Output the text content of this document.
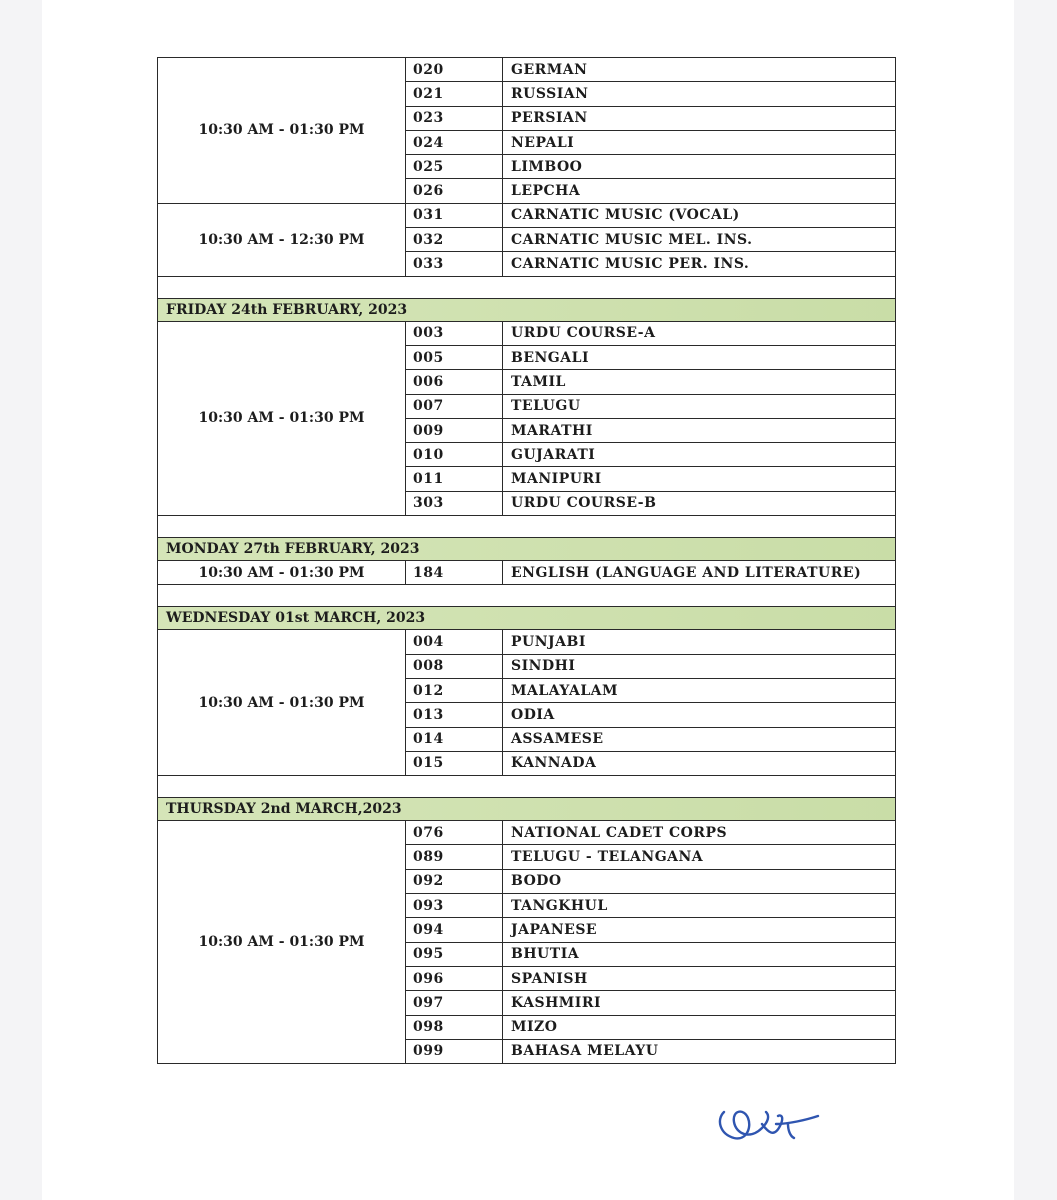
10:30 AM - 01:30 PM	020	GERMAN
	021	RUSSIAN
	023	PERSIAN
	024	NEPALI
	025	LIMBOO
	026	LEPCHA
10:30 AM - 12:30 PM	031	CARNATIC MUSIC (VOCAL)
	032	CARNATIC MUSIC MEL. INS.
	033	CARNATIC MUSIC PER. INS.

FRIDAY 24th FEBRUARY, 2023		
10:30 AM - 01:30 PM	003	URDU COURSE-A
	005	BENGALI
	006	TAMIL
	007	TELUGU
	009	MARATHI
	010	GUJARATI
	011	MANIPURI
	303	URDU COURSE-B

MONDAY 27th FEBRUARY, 2023		
10:30 AM - 01:30 PM	184	ENGLISH (LANGUAGE AND LITERATURE)

WEDNESDAY 01st MARCH, 2023		
10:30 AM - 01:30 PM	004	PUNJABI
	008	SINDHI
	012	MALAYALAM
	013	ODIA
	014	ASSAMESE
	015	KANNADA

THURSDAY 2nd MARCH,2023		
10:30 AM - 01:30 PM	076	NATIONAL CADET CORPS
	089	TELUGU - TELANGANA
	092	BODO
	093	TANGKHUL
	094	JAPANESE
	095	BHUTIA
	096	SPANISH
	097	KASHMIRI
	098	MIZO
	099	BAHASA MELAYU
